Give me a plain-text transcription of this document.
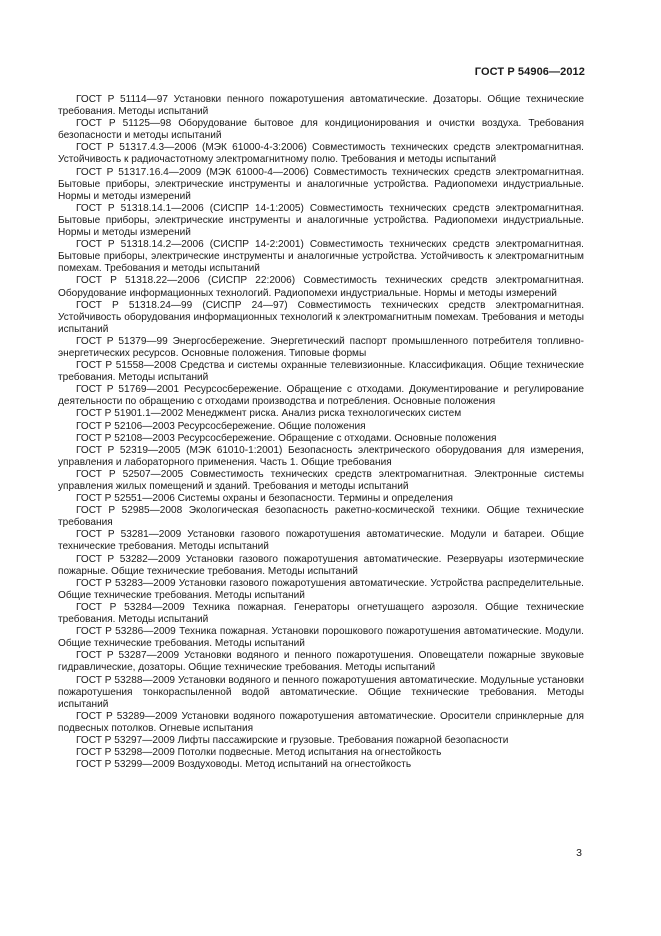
ГОСТ Р 54906—2012

ГОСТ Р 51114—97 Установки пенного пожаротушения автоматические. Дозаторы. Общие технические требования. Методы испытаний

ГОСТ Р 51125—98 Оборудование бытовое для кондиционирования и очистки воздуха. Требования безопасности и методы испытаний

ГОСТ Р 51317.4.3—2006 (МЭК 61000-4-3:2006) Совместимость технических средств электромагнитная. Устойчивость к радиочастотному электромагнитному полю. Требования и методы испытаний

ГОСТ Р 51317.16.4—2009 (МЭК 61000-4—2006) Совместимость технических средств электромагнитная. Бытовые приборы, электрические инструменты и аналогичные устройства. Радиопомехи индустриальные. Нормы и методы измерений

ГОСТ Р 51318.14.1—2006 (СИСПР 14-1:2005) Совместимость технических средств электромагнитная. Бытовые приборы, электрические инструменты и аналогичные устройства. Радиопомехи индустриальные. Нормы и методы измерений

ГОСТ Р 51318.14.2—2006 (СИСПР 14-2:2001) Совместимость технических средств электромагнитная. Бытовые приборы, электрические инструменты и аналогичные устройства. Устойчивость к электромагнитным помехам. Требования и методы испытаний

ГОСТ Р 51318.22—2006 (СИСПР 22:2006) Совместимость технических средств электромагнитная. Оборудование информационных технологий. Радиопомехи индустриальные. Нормы и методы измерений

ГОСТ Р 51318.24—99 (СИСПР 24—97) Совместимость технических средств электромагнитная. Устойчивость оборудования информационных технологий к электромагнитным помехам. Требования и методы испытаний

ГОСТ Р 51379—99 Энергосбережение. Энергетический паспорт промышленного потребителя топливно-энергетических ресурсов. Основные положения. Типовые формы

ГОСТ Р 51558—2008 Средства и системы охранные телевизионные. Классификация. Общие технические требования. Методы испытаний

ГОСТ Р 51769—2001 Ресурсосбережение. Обращение с отходами. Документирование и регулирование деятельности по обращению с отходами производства и потребления. Основные положения

ГОСТ Р 51901.1—2002 Менеджмент риска. Анализ риска технологических систем

ГОСТ Р 52106—2003 Ресурсосбережение. Общие положения

ГОСТ Р 52108—2003 Ресурсосбережение. Обращение с отходами. Основные положения

ГОСТ Р 52319—2005 (МЭК 61010-1:2001) Безопасность электрического оборудования для измерения, управления и лабораторного применения. Часть 1. Общие требования

ГОСТ Р 52507—2005 Совместимость технических средств электромагнитная. Электронные системы управления жилых помещений и зданий. Требования и методы испытаний

ГОСТ Р 52551—2006 Системы охраны и безопасности. Термины и определения

ГОСТ Р 52985—2008 Экологическая безопасность ракетно-космической техники. Общие технические требования

ГОСТ Р 53281—2009 Установки газового пожаротушения автоматические. Модули и батареи. Общие технические требования. Методы испытаний

ГОСТ Р 53282—2009 Установки газового пожаротушения автоматические. Резервуары изотермические пожарные. Общие технические требования. Методы испытаний

ГОСТ Р 53283—2009 Установки газового пожаротушения автоматические. Устройства распределительные. Общие технические требования. Методы испытаний

ГОСТ Р 53284—2009 Техника пожарная. Генераторы огнетушащего аэрозоля. Общие технические требования. Методы испытаний

ГОСТ Р 53286—2009 Техника пожарная. Установки порошкового пожаротушения автоматические. Модули. Общие технические требования. Методы испытаний

ГОСТ Р 53287—2009 Установки водяного и пенного пожаротушения. Оповещатели пожарные звуковые гидравлические, дозаторы. Общие технические требования. Методы испытаний

ГОСТ Р 53288—2009 Установки водяного и пенного пожаротушения автоматические. Модульные установки пожаротушения тонкораспыленной водой автоматические. Общие технические требования. Методы испытаний

ГОСТ Р 53289—2009 Установки водяного пожаротушения автоматические. Оросители спринклерные для подвесных потолков. Огневые испытания

ГОСТ Р 53297—2009 Лифты пассажирские и грузовые. Требования пожарной безопасности

ГОСТ Р 53298—2009 Потолки подвесные. Метод испытания на огнестойкость

ГОСТ Р 53299—2009 Воздуховоды. Метод испытаний на огнестойкость

3
